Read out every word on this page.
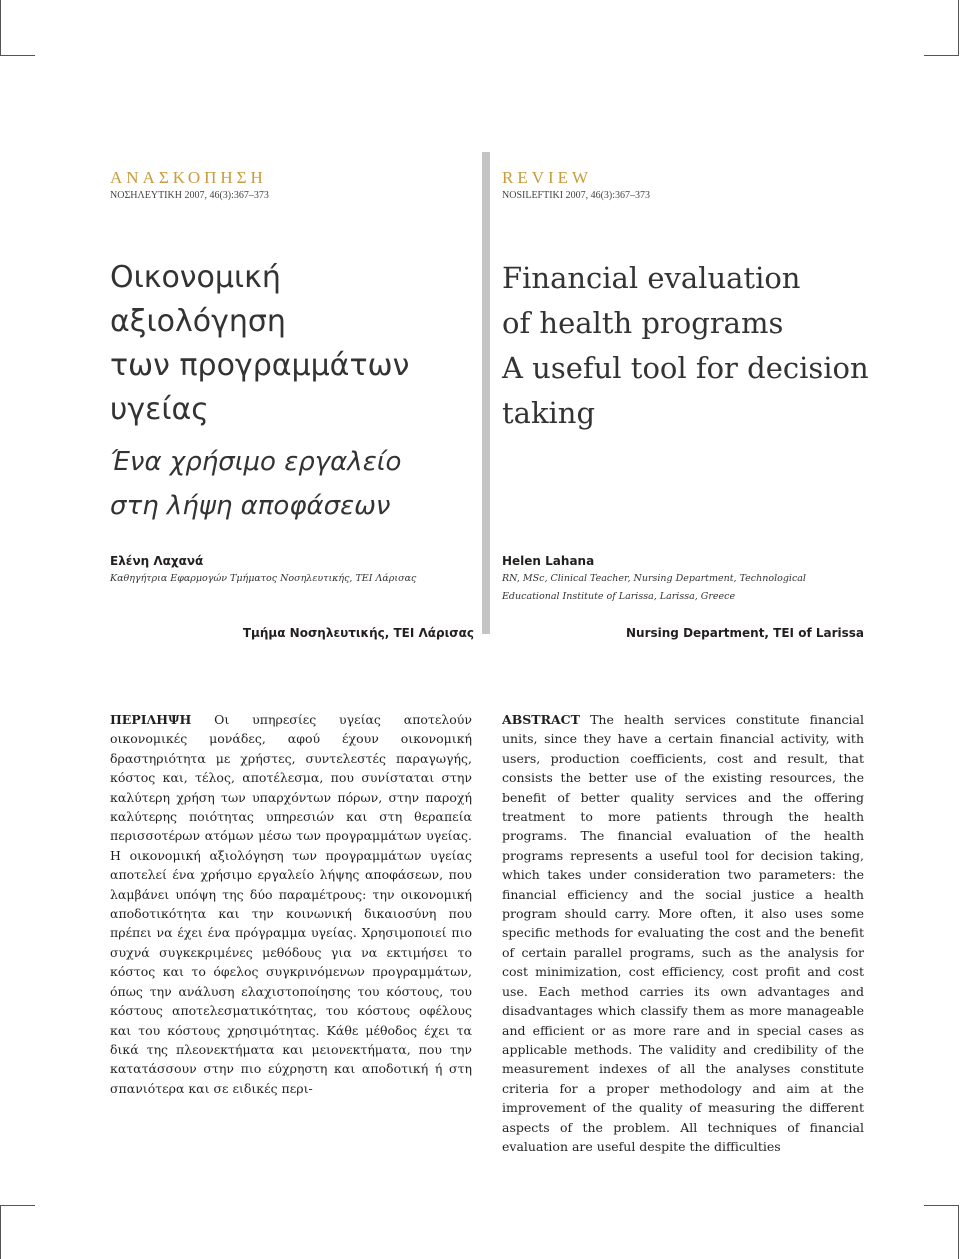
ΑΝΑΣΚΟΠΗΣΗ

ΝΟΣΗΛΕΥΤΙΚΗ 2007, 46(3):367–373

REVIEW

NOSILEFTIKI 2007, 46(3):367–373
Οικονομική
αξιολόγηση
των προγραμμάτων
υγείας
Ένα χρήσιμο εργαλείο
στη λήψη αποφάσεων
Financial evaluation
of health programs
A useful tool for decision
taking
Ελένη Λαχανά
Καθηγήτρια Εφαρμογών Τμήματος Νοσηλευτικής, ΤΕΙ Λάρισας
Helen Lahana
RN, MSc, Clinical Teacher, Nursing Department, Technological Educational Institute of Larissa, Larissa, Greece
Τμήμα Νοσηλευτικής, ΤΕΙ Λάρισας	Nursing Department, TEI of Larissa

ΠΕΡΙΛΗΨΗ Οι υπηρεσίες υγείας αποτελούν οικονομικές μονάδες, αφού έχουν οικονομική δραστηριότητα με χρήστες, συντελεστές παραγωγής, κόστος και, τέλος, αποτέλεσμα, που συνίσταται στην καλύτερη χρήση των υπαρχόντων πόρων, στην παροχή καλύτερης ποιότητας υπηρεσιών και στη θεραπεία περισσοτέρων ατόμων μέσω των προγραμμάτων υγείας. Η οικονομική αξιολόγηση των προγραμμάτων υγείας αποτελεί ένα χρήσιμο εργαλείο λήψης αποφάσεων, που λαμβάνει υπόψη της δύο παραμέτρους: την οικονομική αποδοτικότητα και την κοινωνική δικαιοσύνη που πρέπει να έχει ένα πρόγραμμα υγείας. Χρησιμοποιεί πιο συχνά συγκεκριμένες μεθόδους για να εκτιμήσει το κόστος και το όφελος συγκρινόμενων προγραμμάτων, όπως την ανάλυση ελαχιστοποίησης του κόστους, του κόστους αποτελεσματικότητας, του κόστους οφέλους και του κόστους χρησιμότητας. Κάθε μέθοδος έχει τα δικά της πλεονεκτήματα και μειονεκτήματα, που την κατατάσσουν στην πιο εύχρηστη και αποδοτική ή στη σπανιότερα και σε ειδικές περι-

ABSTRACT The health services constitute financial units, since they have a certain financial activity, with users, production coefficients, cost and result, that consists the better use of the existing resources, the benefit of better quality services and the offering treatment to more patients through the health programs. The financial evaluation of the health programs represents a useful tool for decision taking, which takes under consideration two parameters: the financial efficiency and the social justice a health program should carry. More often, it also uses some specific methods for evaluating the cost and the benefit of certain parallel programs, such as the analysis for cost minimization, cost efficiency, cost profit and cost use. Each method carries its own advantages and disadvantages which classify them as more manageable and efficient or as more rare and in special cases as applicable methods. The validity and credibility of the measurement indexes of all the analyses constitute criteria for a proper methodology and aim at the improvement of the quality of measuring the different aspects of the problem. All techniques of financial evaluation are useful despite the difficulties
